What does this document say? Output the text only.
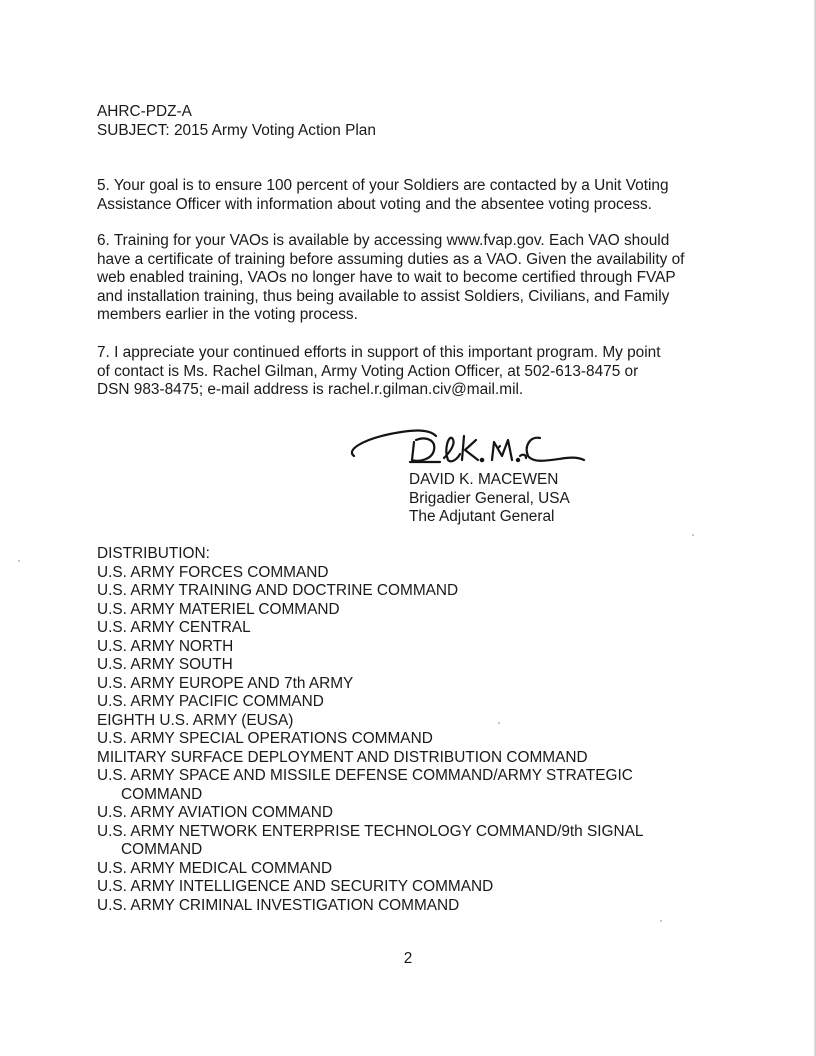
AHRC-PDZ-A
SUBJECT: 2015 Army Voting Action Plan
5. Your goal is to ensure 100 percent of your Soldiers are contacted by a Unit Voting
Assistance Officer with information about voting and the absentee voting process.
6. Training for your VAOs is available by accessing www.fvap.gov. Each VAO should
have a certificate of training before assuming duties as a VAO. Given the availability of
web enabled training, VAOs no longer have to wait to become certified through FVAP
and installation training, thus being available to assist Soldiers, Civilians, and Family
members earlier in the voting process.
7. I appreciate your continued efforts in support of this important program. My point
of contact is Ms. Rachel Gilman, Army Voting Action Officer, at 502-613-8475 or
DSN 983-8475; e-mail address is rachel.r.gilman.civ@mail.mil.
DAVID K. MACEWEN
Brigadier General, USA
The Adjutant General
DISTRIBUTION:
U.S. ARMY FORCES COMMAND
U.S. ARMY TRAINING AND DOCTRINE COMMAND
U.S. ARMY MATERIEL COMMAND
U.S. ARMY CENTRAL
U.S. ARMY NORTH
U.S. ARMY SOUTH
U.S. ARMY EUROPE AND 7th ARMY
U.S. ARMY PACIFIC COMMAND
EIGHTH U.S. ARMY (EUSA)
U.S. ARMY SPECIAL OPERATIONS COMMAND
MILITARY SURFACE DEPLOYMENT AND DISTRIBUTION COMMAND
U.S. ARMY SPACE AND MISSILE DEFENSE COMMAND/ARMY STRATEGIC
COMMAND
U.S. ARMY AVIATION COMMAND
U.S. ARMY NETWORK ENTERPRISE TECHNOLOGY COMMAND/9th SIGNAL
COMMAND
U.S. ARMY MEDICAL COMMAND
U.S. ARMY INTELLIGENCE AND SECURITY COMMAND
U.S. ARMY CRIMINAL INVESTIGATION COMMAND
2
